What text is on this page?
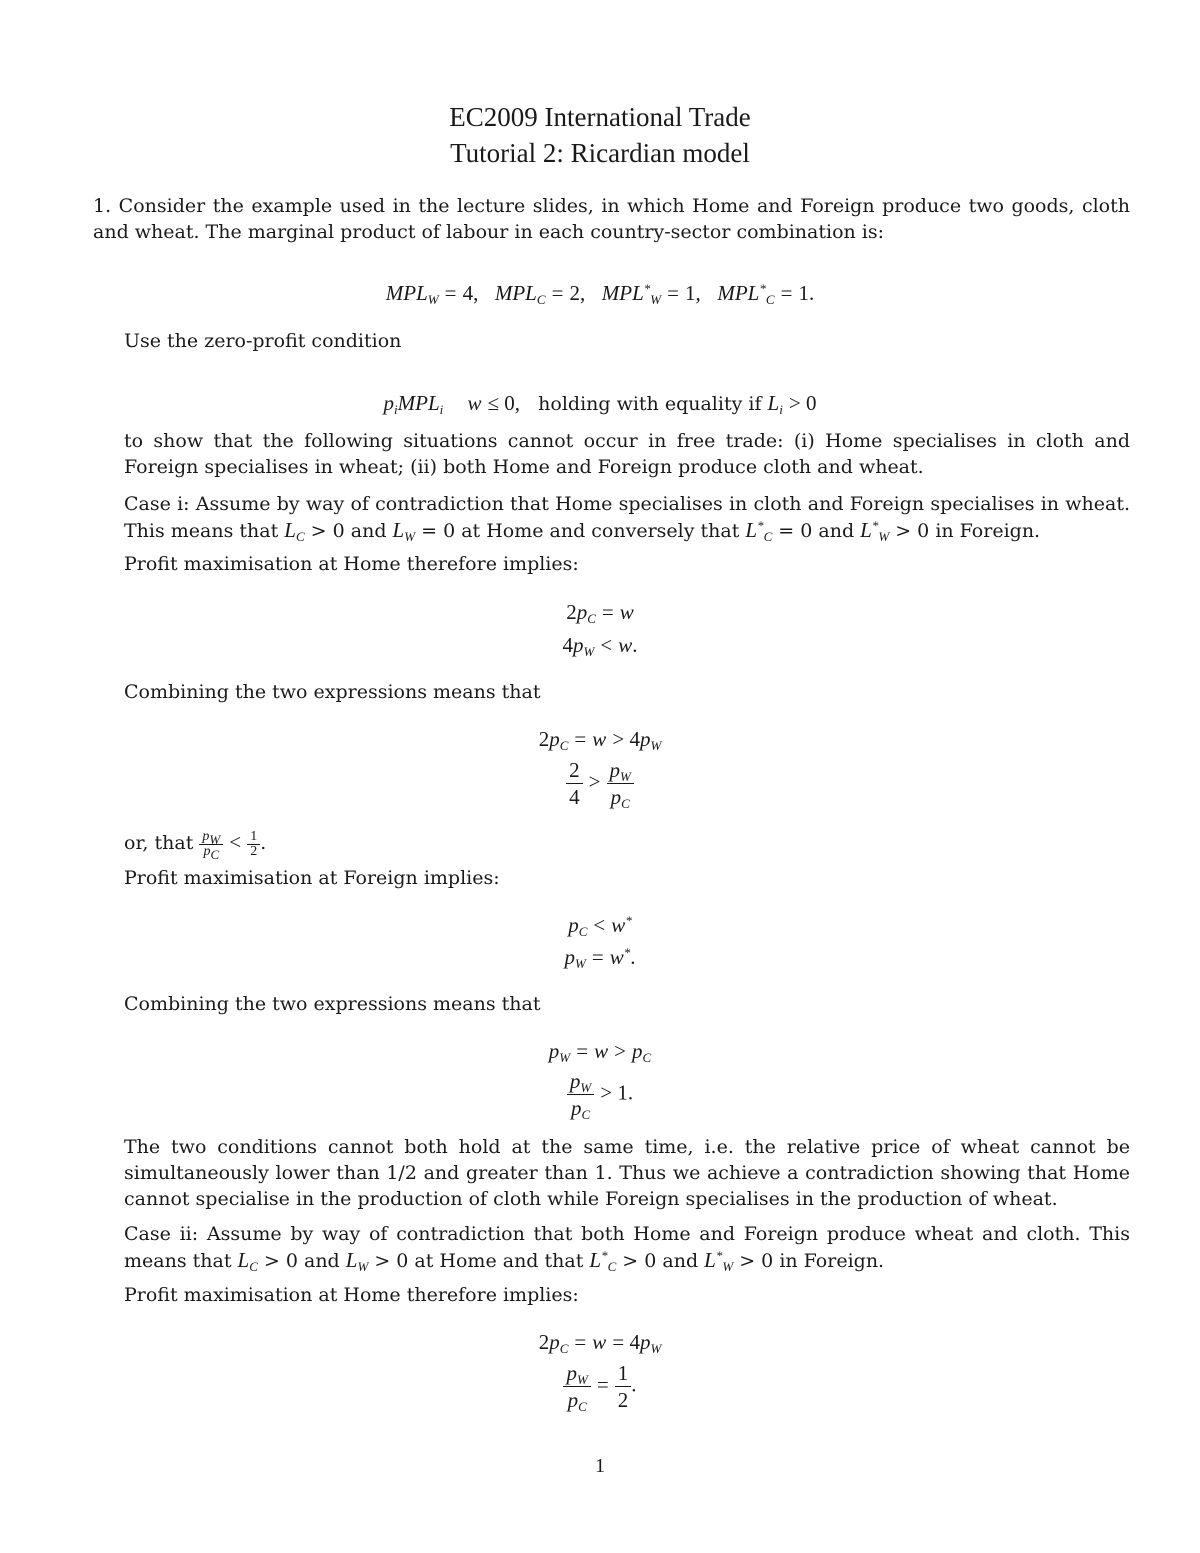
EC2009 International Trade
Tutorial 2: Ricardian model
1. Consider the example used in the lecture slides, in which Home and Foreign produce two goods, cloth and wheat. The marginal product of labour in each country-sector combination is:
$MPL_W = 4$,   $MPL_C = 2$,   $MPL^*_W = 1$,   $MPL^*_C = 1$.
Use the zero-profit condition
$p_iMPL_i$ w ≤ 0, holding with equality if $L_i > 0$
to show that the following situations cannot occur in free trade: (i) Home specialises in cloth and Foreign specialises in wheat; (ii) both Home and Foreign produce cloth and wheat.
Case i: Assume by way of contradiction that Home specialises in cloth and Foreign specialises in wheat. This means that $L_C > 0$ and $L_W = 0$ at Home and conversely that $L^*_C = 0$ and $L^*_W > 0$ in Foreign.
Profit maximisation at Home therefore implies:
$2p_C = w$
$4p_W < w$.
Combining the two expressions means that
$2p_C = w > 4p_W$
$\frac{2}{4} > \frac{p_W}{p_C}$
or, that $\frac{p_W}{p_C} < \frac{1}{2}$ .
Profit maximisation at Foreign implies:
$p_C < w^*$
$p_W = w^*$.
Combining the two expressions means that
$p_W = w > p_C$
$\frac{p_W}{p_C} > 1$.
The two conditions cannot both hold at the same time, i.e. the relative price of wheat cannot be simultaneously lower than 1/2 and greater than 1. Thus we achieve a contradiction showing that Home cannot specialise in the production of cloth while Foreign specialises in the production of wheat.
Case ii: Assume by way of contradiction that both Home and Foreign produce wheat and cloth. This means that $L_C > 0$ and $L_W > 0$ at Home and that $L^*_C > 0$ and $L^*_W > 0$ in Foreign.
Profit maximisation at Home therefore implies:
$2p_C = w = 4p_W$
$\frac{p_W}{p_C} = \frac{1}{2}$ .
1
